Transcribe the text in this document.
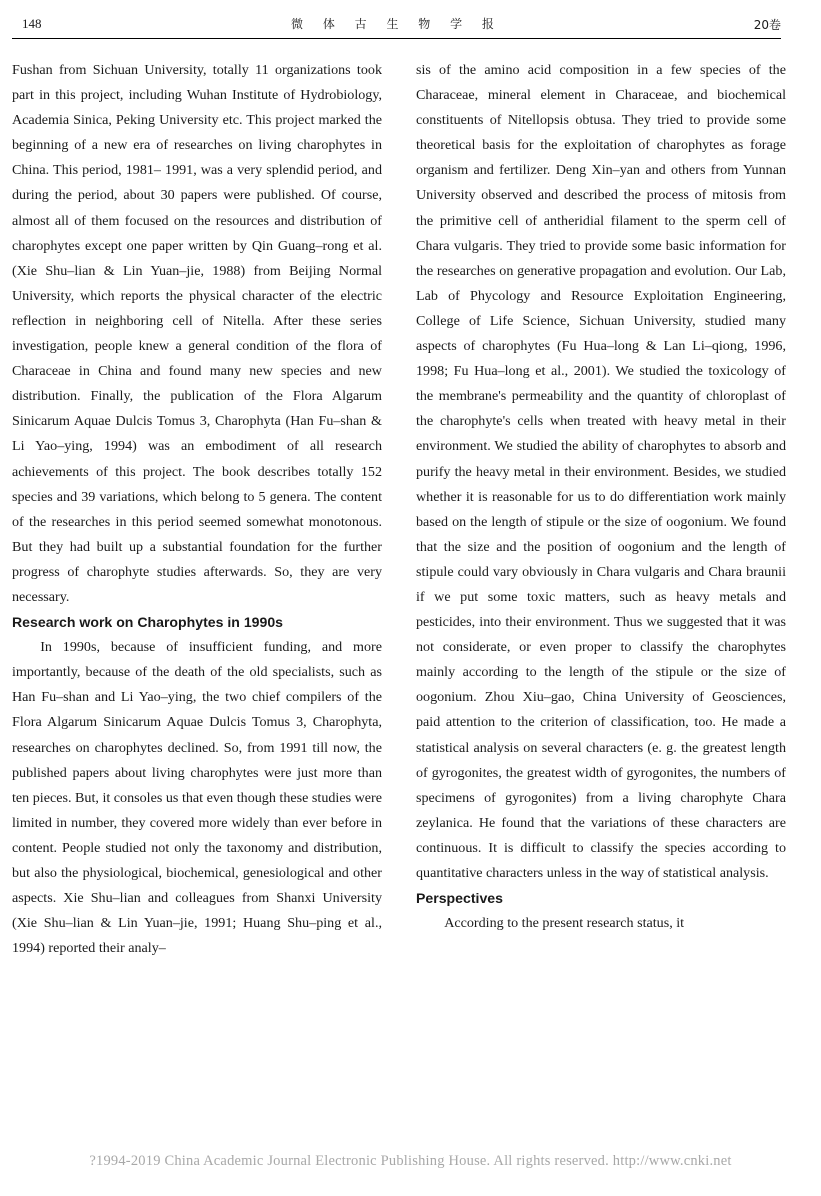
148	微 体 古 生 物 学 报	20卷

Fushan from Sichuan University, totally 11 organizations took part in this project, including Wuhan Institute of Hydrobiology, Academia Sinica, Peking University etc. This project marked the beginning of a new era of researches on living charophytes in China. This period, 1981– 1991, was a very splendid period, and during the period, about 30 papers were published. Of course, almost all of them focused on the resources and distribution of charophytes except one paper written by Qin Guang–rong et al. (Xie Shu–lian & Lin Yuan–jie, 1988) from Beijing Normal University, which reports the physical character of the electric reflection in neighboring cell of Nitella. After these series investigation, people knew a general condition of the flora of Characeae in China and found many new species and new distribution. Finally, the publication of the Flora Algarum Sinicarum Aquae Dulcis Tomus 3, Charophyta (Han Fu–shan & Li Yao–ying, 1994) was an embodiment of all research achievements of this project. The book describes totally 152 species and 39 variations, which belong to 5 genera. The content of the researches in this period seemed somewhat monotonous. But they had built up a substantial foundation for the further progress of charophyte studies afterwards. So, they are very necessary.

Research work on Charophytes in 1990s

In 1990s, because of insufficient funding, and more importantly, because of the death of the old specialists, such as Han Fu–shan and Li Yao–ying, the two chief compilers of the Flora Algarum Sinicarum Aquae Dulcis Tomus 3, Charophyta, researches on charophytes declined. So, from 1991 till now, the published papers about living charophytes were just more than ten pieces. But, it consoles us that even though these studies were limited in number, they covered more widely than ever before in content. People studied not only the taxonomy and distribution, but also the physiological, biochemical, genesiological and other aspects. Xie Shu–lian and colleagues from Shanxi University (Xie Shu–lian & Lin Yuan–jie, 1991; Huang Shu–ping et al., 1994) reported their analy–

sis of the amino acid composition in a few species of the Characeae, mineral element in Characeae, and biochemical constituents of Nitellopsis obtusa. They tried to provide some theoretical basis for the exploitation of charophytes as forage organism and fertilizer. Deng Xin–yan and others from Yunnan University observed and described the process of mitosis from the primitive cell of antheridial filament to the sperm cell of Chara vulgaris. They tried to provide some basic information for the researches on generative propagation and evolution. Our Lab, Lab of Phycology and Resource Exploitation Engineering, College of Life Science, Sichuan University, studied many aspects of charophytes (Fu Hua–long & Lan Li–qiong, 1996, 1998; Fu Hua–long et al., 2001). We studied the toxicology of the membrane's permeability and the quantity of chloroplast of the charophyte's cells when treated with heavy metal in their environment. We studied the ability of charophytes to absorb and purify the heavy metal in their environment. Besides, we studied whether it is reasonable for us to do differentiation work mainly based on the length of stipule or the size of oogonium. We found that the size and the position of oogonium and the length of stipule could vary obviously in Chara vulgaris and Chara braunii if we put some toxic matters, such as heavy metals and pesticides, into their environment. Thus we suggested that it was not considerate, or even proper to classify the charophytes mainly according to the length of the stipule or the size of oogonium. Zhou Xiu–gao, China University of Geosciences, paid attention to the criterion of classification, too. He made a statistical analysis on several characters (e. g. the greatest length of gyrogonites, the greatest width of gyrogonites, the numbers of specimens of gyrogonites) from a living charophyte Chara zeylanica. He found that the variations of these characters are continuous. It is difficult to classify the species according to quantitative characters unless in the way of statistical analysis.

Perspectives

According to the present research status, it

?1994-2019 China Academic Journal Electronic Publishing House. All rights reserved. http://www.cnki.net
